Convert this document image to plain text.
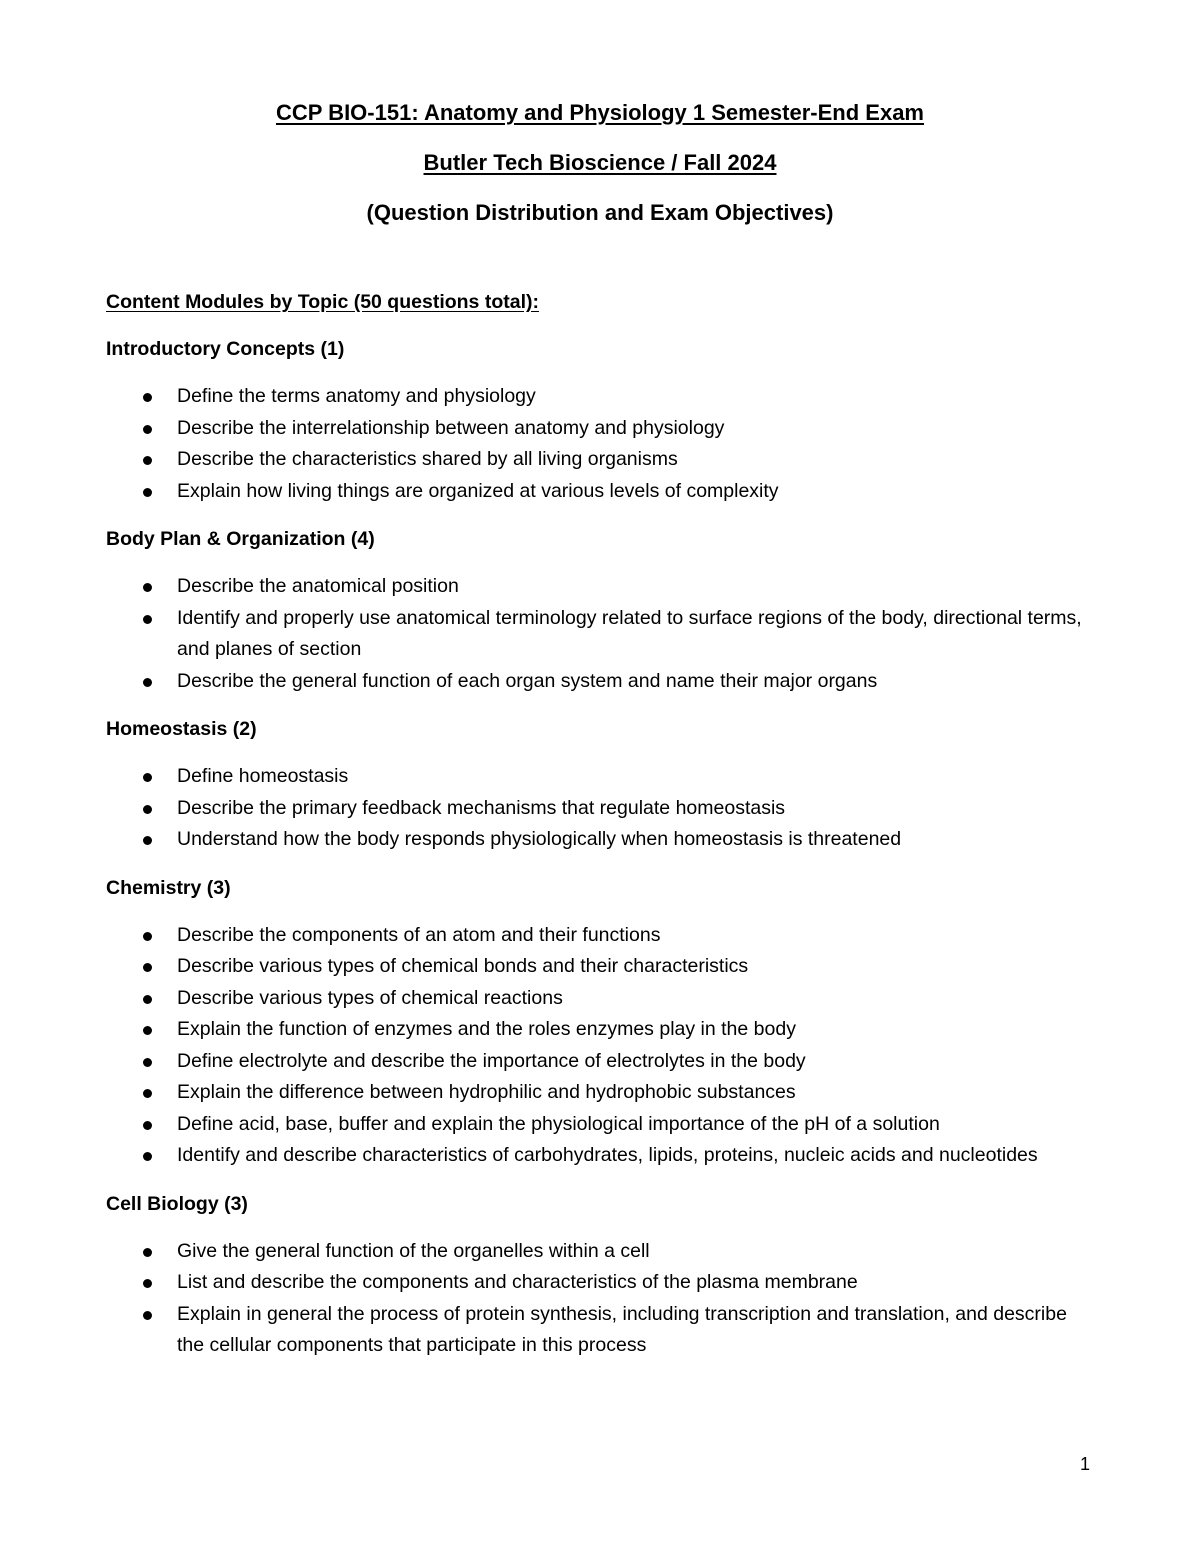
CCP BIO-151: Anatomy and Physiology 1 Semester-End Exam

Butler Tech Bioscience / Fall 2024

(Question Distribution and Exam Objectives)

Content Modules by Topic (50 questions total):

Introductory Concepts (1)

Define the terms anatomy and physiology
Describe the interrelationship between anatomy and physiology
Describe the characteristics shared by all living organisms
Explain how living things are organized at various levels of complexity

Body Plan & Organization (4)

Describe the anatomical position
Identify and properly use anatomical terminology related to surface regions of the body, directional terms, and planes of section
Describe the general function of each organ system and name their major organs

Homeostasis (2)

Define homeostasis
Describe the primary feedback mechanisms that regulate homeostasis
Understand how the body responds physiologically when homeostasis is threatened

Chemistry (3)

Describe the components of an atom and their functions
Describe various types of chemical bonds and their characteristics
Describe various types of chemical reactions
Explain the function of enzymes and the roles enzymes play in the body
Define electrolyte and describe the importance of electrolytes in the body
Explain the difference between hydrophilic and hydrophobic substances
Define acid, base, buffer and explain the physiological importance of the pH of a solution
Identify and describe characteristics of carbohydrates, lipids, proteins, nucleic acids and nucleotides

Cell Biology (3)

Give the general function of the organelles within a cell
List and describe the components and characteristics of the plasma membrane
Explain in general the process of protein synthesis, including transcription and translation, and describe the cellular components that participate in this process
1
